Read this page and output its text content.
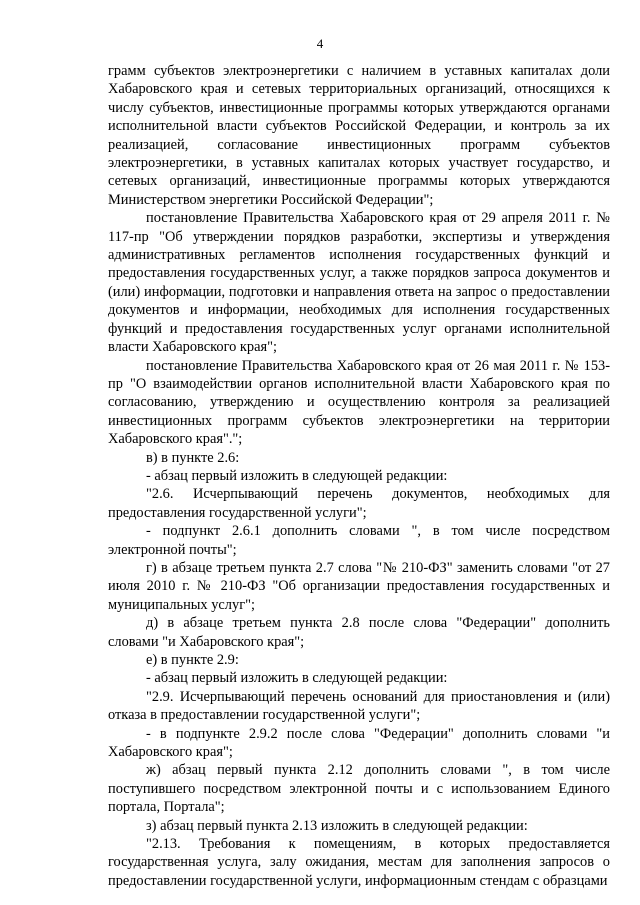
4

грамм субъектов электроэнергетики с наличием в уставных капиталах доли Хабаровского края и сетевых территориальных организаций, относящихся к числу субъектов, инвестиционные программы которых утверждаются органами исполнительной власти субъектов Российской Федерации, и контроль за их реализацией, согласование инвестиционных программ субъектов электроэнергетики, в уставных капиталах которых участвует государство, и сетевых организаций, инвестиционные программы которых утверждаются Министерством энергетики Российской Федерации";

постановление Правительства Хабаровского края от 29 апреля 2011 г. № 117-пр "Об утверждении порядков разработки, экспертизы и утверждения административных регламентов исполнения государственных функций и предоставления государственных услуг, а также порядков запроса документов и (или) информации, подготовки и направления ответа на запрос о предоставлении документов и информации, необходимых для исполнения государственных функций и предоставления государственных услуг органами исполнительной власти Хабаровского края";

постановление Правительства Хабаровского края от 26 мая 2011 г. № 153-пр "О взаимодействии органов исполнительной власти Хабаровского края по согласованию, утверждению и осуществлению контроля за реализацией инвестиционных программ субъектов электроэнергетики на территории Хабаровского края".";

в) в пункте 2.6:

- абзац первый изложить в следующей редакции:

"2.6. Исчерпывающий перечень документов, необходимых для предоставления государственной услуги";

- подпункт 2.6.1 дополнить словами ", в том числе посредством электронной почты";

г) в абзаце третьем пункта 2.7 слова "№ 210-ФЗ" заменить словами "от 27 июля 2010 г. № 210-ФЗ "Об организации предоставления государственных и муниципальных услуг";

д) в абзаце третьем пункта 2.8 после слова "Федерации" дополнить словами "и Хабаровского края";

е) в пункте 2.9:

- абзац первый изложить в следующей редакции:

"2.9. Исчерпывающий перечень оснований для приостановления и (или) отказа в предоставлении государственной услуги";

- в подпункте 2.9.2 после слова "Федерации" дополнить словами "и Хабаровского края";

ж) абзац первый пункта 2.12 дополнить словами ", в том числе поступившего посредством электронной почты и с использованием Единого портала, Портала";

з) абзац первый пункта 2.13 изложить в следующей редакции:

"2.13. Требования к помещениям, в которых предоставляется государственная услуга, залу ожидания, местам для заполнения запросов о предоставлении государственной услуги, информационным стендам с образцами
